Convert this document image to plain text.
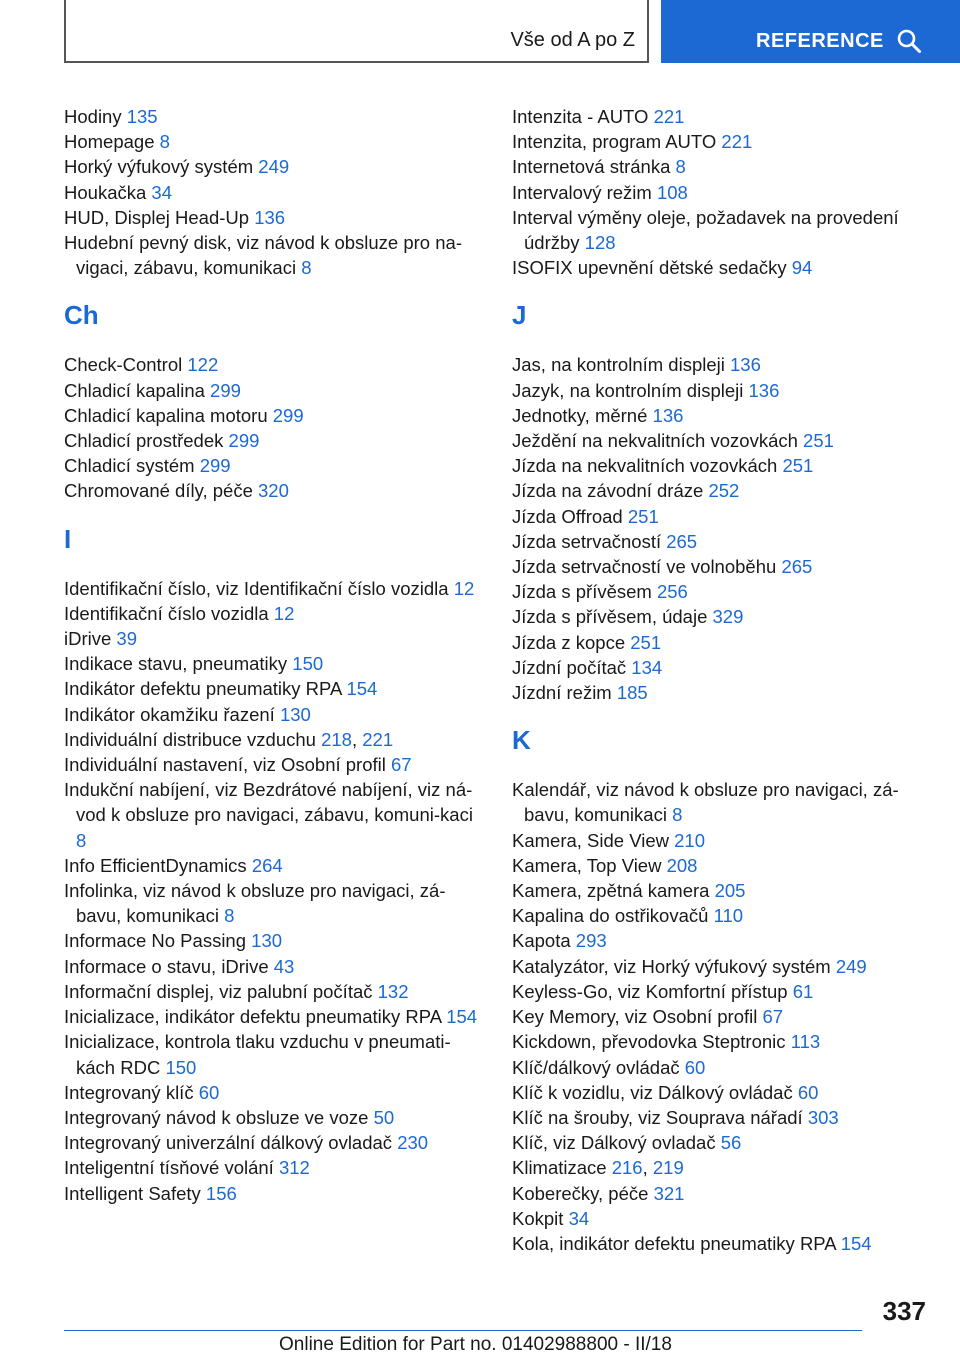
Vše od A po Z	REFERENCE
Hodiny 135
Homepage 8
Horký výfukový systém 249
Houkačka 34
HUD, Displej Head-Up 136
Hudební pevný disk, viz návod k obsluze pro na-vigaci, zábavu, komunikaci 8
Ch
Check-Control 122
Chladicí kapalina 299
Chladicí kapalina motoru 299
Chladicí prostředek 299
Chladicí systém 299
Chromované díly, péče 320
I
Identifikační číslo, viz Identifikační číslo vozidla 12
Identifikační číslo vozidla 12
iDrive 39
Indikace stavu, pneumatiky 150
Indikátor defektu pneumatiky RPA 154
Indikátor okamžiku řazení 130
Individuální distribuce vzduchu 218, 221
Individuální nastavení, viz Osobní profil 67
Indukční nabíjení, viz Bezdrátové nabíjení, viz ná-vod k obsluze pro navigaci, zábavu, komuni-kaci 8
Info EfficientDynamics 264
Infolinka, viz návod k obsluze pro navigaci, zá-bavu, komunikaci 8
Informace No Passing 130
Informace o stavu, iDrive 43
Informační displej, viz palubní počítač 132
Inicializace, indikátor defektu pneumatiky RPA 154
Inicializace, kontrola tlaku vzduchu v pneumati-kách RDC 150
Integrovaný klíč 60
Integrovaný návod k obsluze ve voze 50
Integrovaný univerzální dálkový ovladač 230
Inteligentní tísňové volání 312
Intelligent Safety 156
Intenzita - AUTO 221
Intenzita, program AUTO 221
Internetová stránka 8
Intervalový režim 108
Interval výměny oleje, požadavek na provedení údržby 128
ISOFIX upevnění dětské sedačky 94
J
Jas, na kontrolním displeji 136
Jazyk, na kontrolním displeji 136
Jednotky, měrné 136
Ježdění na nekvalitních vozovkách 251
Jízda na nekvalitních vozovkách 251
Jízda na závodní dráze 252
Jízda Offroad 251
Jízda setrvačností 265
Jízda setrvačností ve volnoběhu 265
Jízda s přívěsem 256
Jízda s přívěsem, údaje 329
Jízda z kopce 251
Jízdní počítač 134
Jízdní režim 185
K
Kalendář, viz návod k obsluze pro navigaci, zá-bavu, komunikaci 8
Kamera, Side View 210
Kamera, Top View 208
Kamera, zpětná kamera 205
Kapalina do ostřikovačů 110
Kapota 293
Katalyzátor, viz Horký výfukový systém 249
Keyless-Go, viz Komfortní přístup 61
Key Memory, viz Osobní profil 67
Kickdown, převodovka Steptronic 113
Klíč/dálkový ovládač 60
Klíč k vozidlu, viz Dálkový ovládač 60
Klíč na šrouby, viz Souprava nářadí 303
Klíč, viz Dálkový ovladač 56
Klimatizace 216, 219
Koberečky, péče 321
Kokpit 34
Kola, indikátor defektu pneumatiky RPA 154
337
Online Edition for Part no. 01402988800 - II/18
